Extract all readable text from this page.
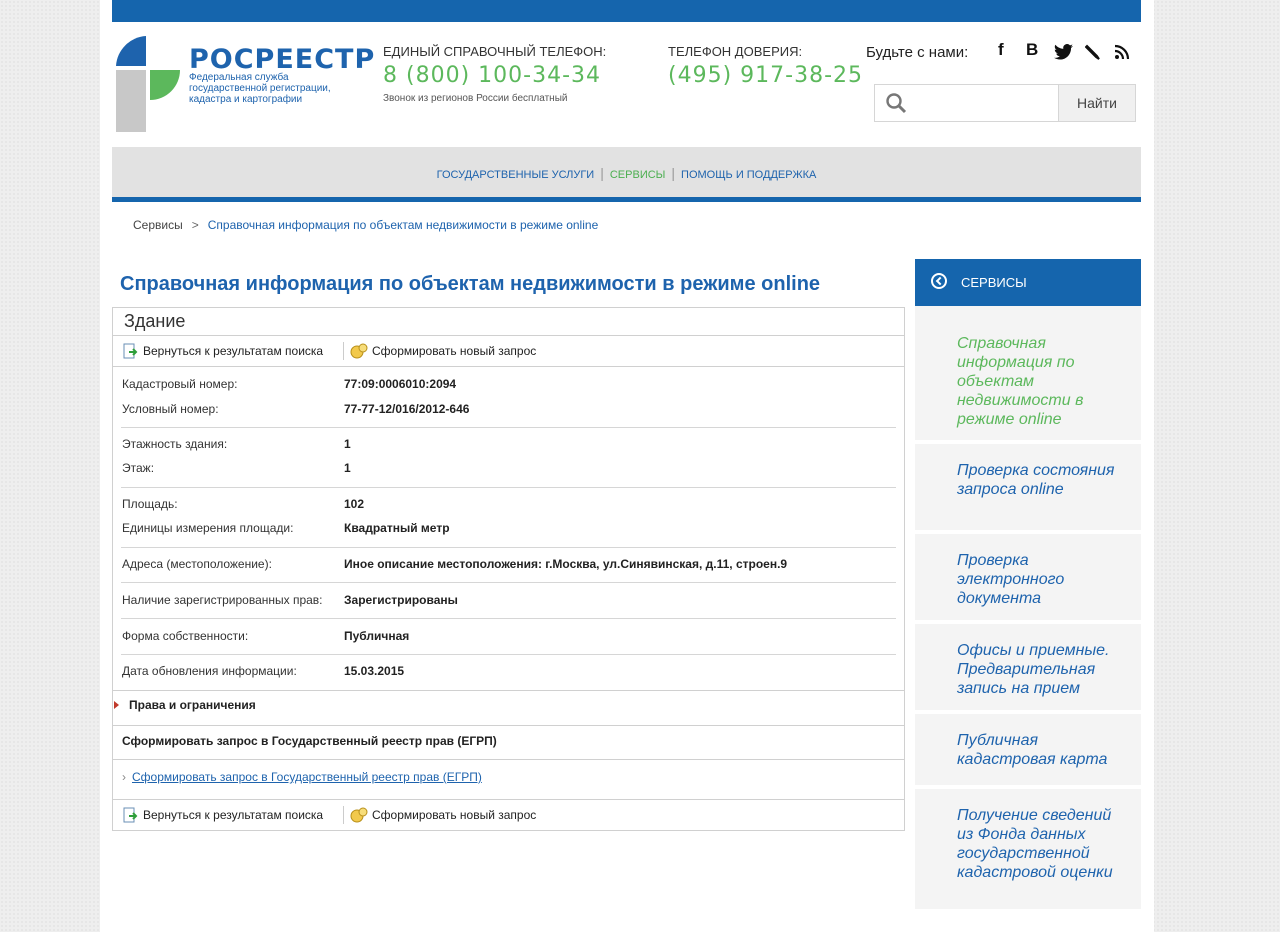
РОСРЕЕСТР
Федеральная служба
государственной регистрации,
кадастра и картографии
ЕДИНЫЙ СПРАВОЧНЫЙ ТЕЛЕФОН:
8 (800) 100-34-34
Звонок из регионов России бесплатный
ТЕЛЕФОН ДОВЕРИЯ:
(495) 917-38-25
Будьте с нами: f B
Найти
ГОСУДАРСТВЕННЫЕ УСЛУГИ | СЕРВИСЫ | ПОМОЩЬ И ПОДДЕРЖКА
Сервисы > Справочная информация по объектам недвижимости в режиме online
Справочная информация по объектам недвижимости в режиме online
Здание
Вернуться к результатам поиска	Сформировать новый запрос
Кадастровый номер:	77:09:0006010:2094
Условный номер:	77-77-12/016/2012-646
Этажность здания:	1
Этаж:	1
Площадь:	102
Единицы измерения площади:	Квадратный метр
Адреса (местоположение):	Иное описание местоположения: г.Москва, ул.Синявинская, д.11, строен.9
Наличие зарегистрированных прав: Зарегистрированы
Форма собственности:	Публичная
Дата обновления информации:	15.03.2015
Вернуться к результатам поиска	Сформировать новый запрос
Права и ограничения
Сформировать запрос в Государственный реестр прав (ЕГРП)
› Сформировать запрос в Государственный реестр прав (ЕГРП)
СЕРВИСЫ
Справочная информация по объектам недвижимости в режиме online
Проверка состояния запроса online
Проверка электронного документа
Офисы и приемные. Предварительная запись на прием
Публичная кадастровая карта
Получение сведений из Фонда данных государственной кадастровой оценки
